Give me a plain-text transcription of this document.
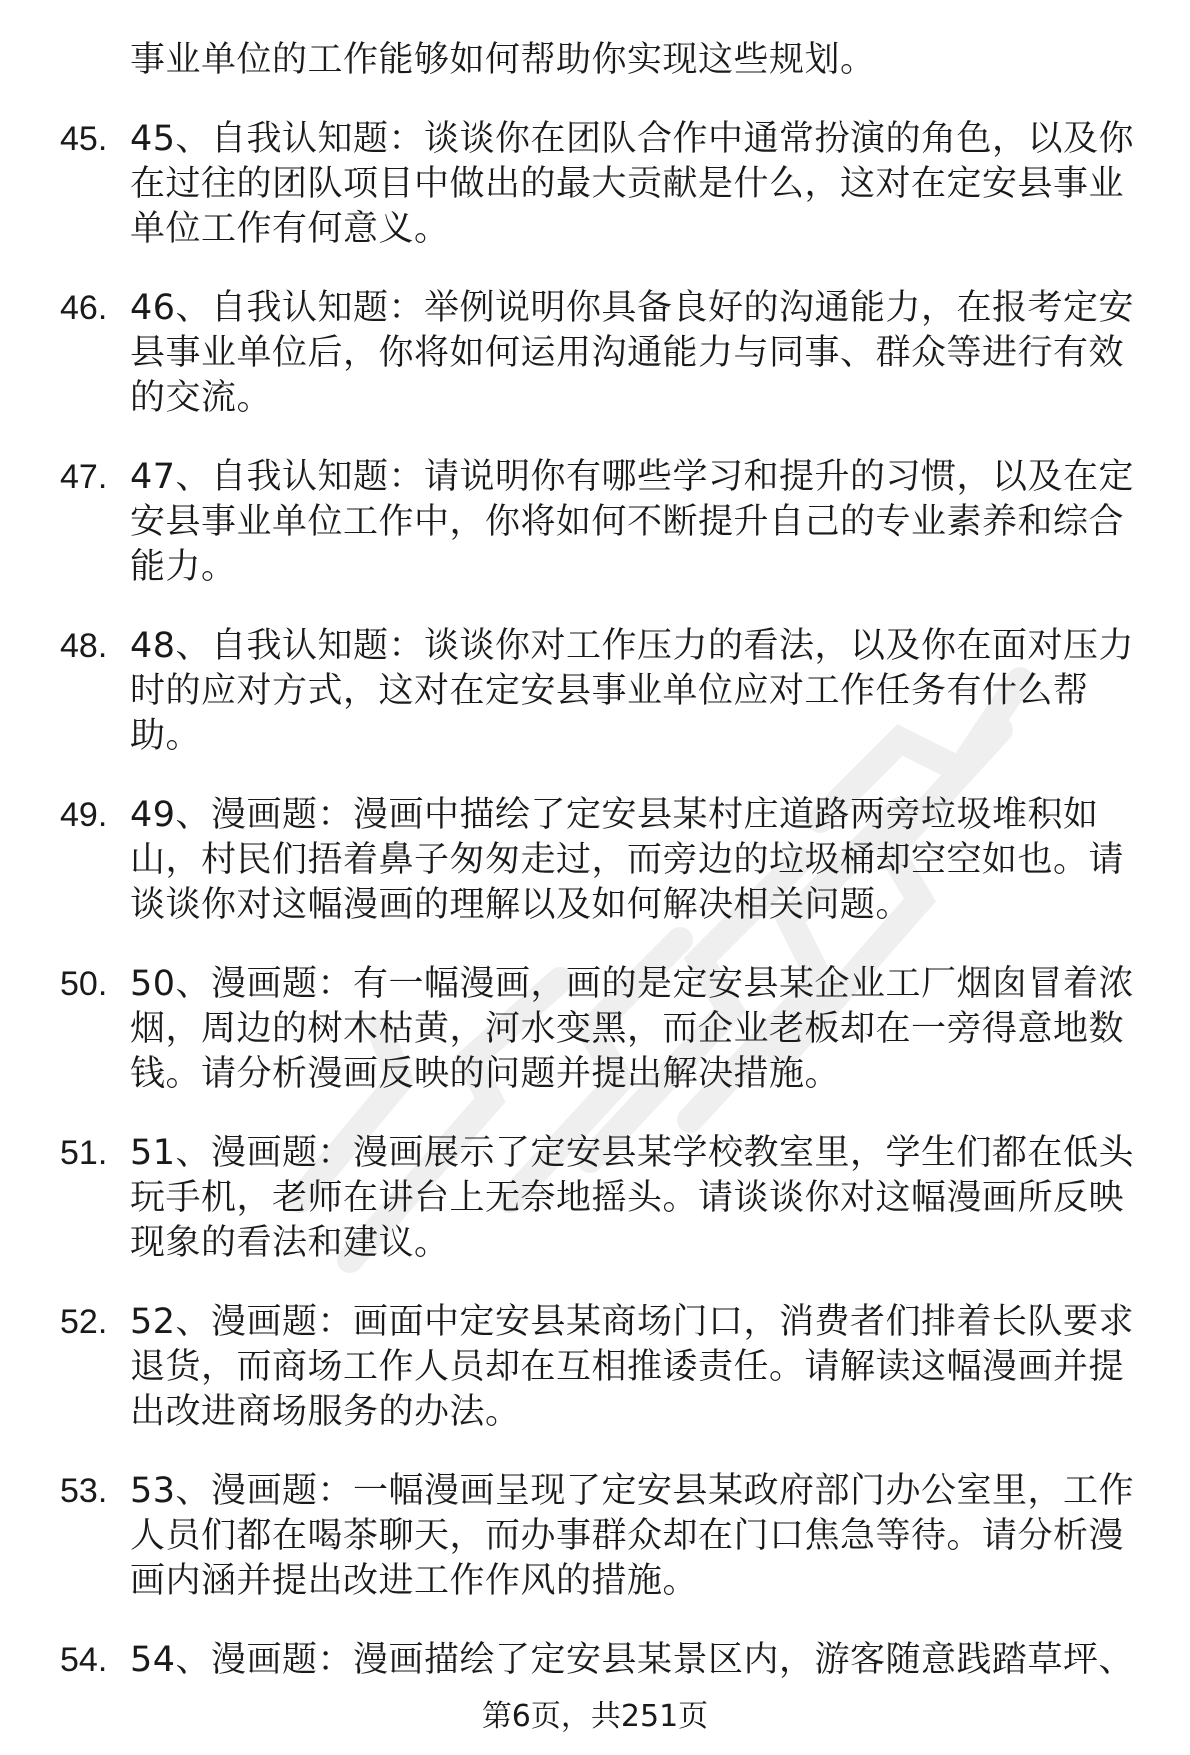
事业单位的工作能够如何帮助你实现这些规划。
45. 45、自我认知题：谈谈你在团队合作中通常扮演的角色，以及你在过往的团队项目中做出的最大贡献是什么，这对在定安县事业单位工作有何意义。
46. 46、自我认知题：举例说明你具备良好的沟通能力，在报考定安县事业单位后，你将如何运用沟通能力与同事、群众等进行有效的交流。
47. 47、自我认知题：请说明你有哪些学习和提升的习惯，以及在定安县事业单位工作中，你将如何不断提升自己的专业素养和综合能力。
48. 48、自我认知题：谈谈你对工作压力的看法，以及你在面对压力时的应对方式，这对在定安县事业单位应对工作任务有什么帮助。
49. 49、漫画题：漫画中描绘了定安县某村庄道路两旁垃圾堆积如山，村民们捂着鼻子匆匆走过，而旁边的垃圾桶却空空如也。请谈谈你对这幅漫画的理解以及如何解决相关问题。
50. 50、漫画题：有一幅漫画，画的是定安县某企业工厂烟囱冒着浓烟，周边的树木枯黄，河水变黑，而企业老板却在一旁得意地数钱。请分析漫画反映的问题并提出解决措施。
51. 51、漫画题：漫画展示了定安县某学校教室里，学生们都在低头玩手机，老师在讲台上无奈地摇头。请谈谈你对这幅漫画所反映现象的看法和建议。
52. 52、漫画题：画面中定安县某商场门口，消费者们排着长队要求退货，而商场工作人员却在互相推诿责任。请解读这幅漫画并提出改进商场服务的办法。
53. 53、漫画题：一幅漫画呈现了定安县某政府部门办公室里，工作人员们都在喝茶聊天，而办事群众却在门口焦急等待。请分析漫画内涵并提出改进工作作风的措施。
54. 54、漫画题：漫画描绘了定安县某景区内，游客随意践踏草坪、
第6页，共251页
